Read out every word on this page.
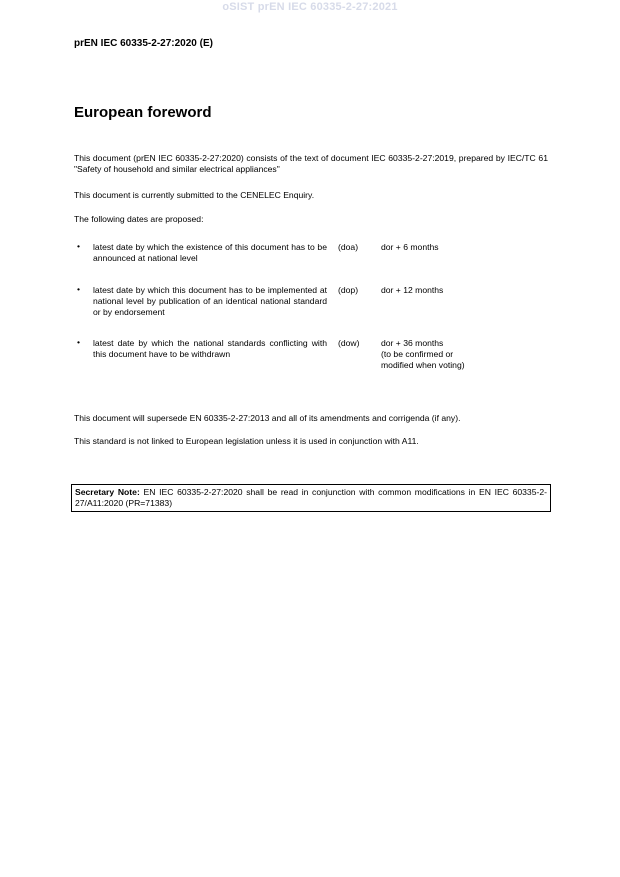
oSIST prEN IEC 60335-2-27:2021
prEN IEC 60335-2-27:2020 (E)
European foreword
This document (prEN IEC 60335-2-27:2020) consists of the text of document IEC 60335-2-27:2019, prepared by IEC/TC 61 "Safety of household and similar electrical appliances"
This document is currently submitted to the CENELEC Enquiry.
The following dates are proposed:
• latest date by which the existence of this document has to be announced at national level
(doa)	dor + 6 months
• latest date by which this document has to be implemented at national level by publication of an identical national standard or by endorsement
(dop)	dor + 12 months
• latest date by which the national standards conflicting with this document have to be withdrawn
(dow)	dor + 36 months
(to be confirmed or
modified when voting)
This document will supersede EN 60335-2-27:2013 and all of its amendments and corrigenda (if any).
This standard is not linked to European legislation unless it is used in conjunction with A11.
Secretary Note: EN IEC 60335-2-27:2020 shall be read in conjunction with common modifications in EN IEC 60335-2-27/A11:2020 (PR=71383)
